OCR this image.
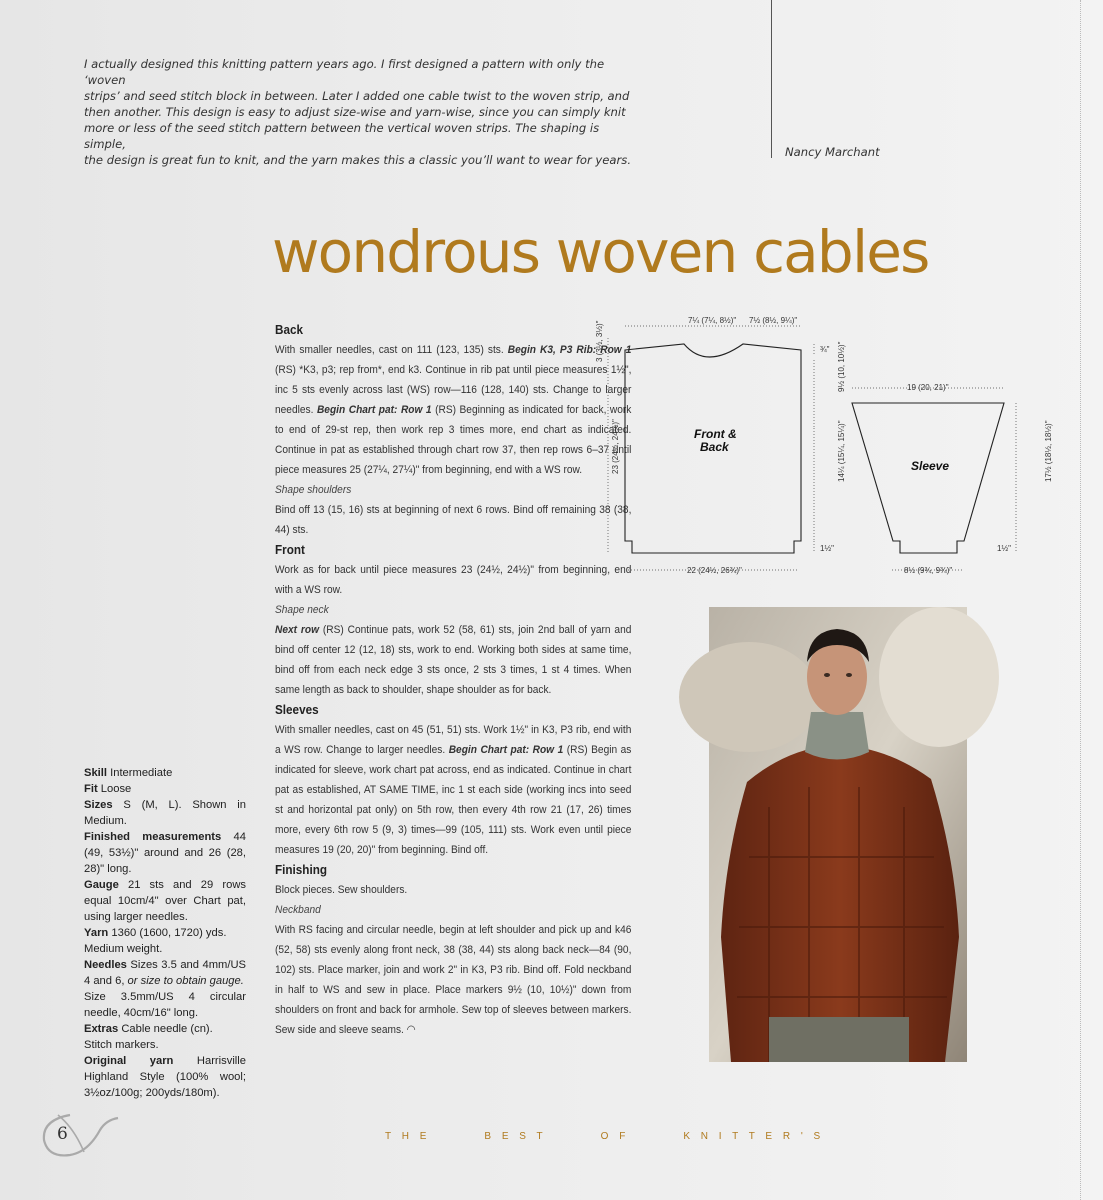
I actually designed this knitting pattern years ago. I first designed a pattern with only the ‘woven
strips’ and seed stitch block in between. Later I added one cable twist to the woven strip, and
then another. This design is easy to adjust size-wise and yarn-wise, since you can simply knit
more or less of the seed stitch pattern between the vertical woven strips. The shaping is simple,
the design is great fun to knit, and the yarn makes this a classic you’ll want to wear for years.
Nancy Marchant
wondrous woven cables
Back

With smaller needles, cast on 111 (123, 135) sts. Begin K3, P3 Rib: Row 1 (RS) *K3, p3; rep from*, end k3. Continue in rib pat until piece measures 1½", inc 5 sts evenly across last (WS) row—116 (128, 140) sts. Change to larger needles. Begin Chart pat: Row 1 (RS) Beginning as indicated for back, work to end of 29-st rep, then work rep 3 times more, end chart as indicated. Continue in pat as established through chart row 37, then rep rows 6–37 until piece measures 25 (27¼, 27¼)" from beginning, end with a WS row.

Shape shoulders

Bind off 13 (15, 16) sts at beginning of next 6 rows. Bind off remaining 38 (38, 44) sts.

Front

Work as for back until piece measures 23 (24½, 24½)" from beginning, end with a WS row.

Shape neck

Next row (RS) Continue pats, work 52 (58, 61) sts, join 2nd ball of yarn and bind off center 12 (12, 18) sts, work to end. Working both sides at same time, bind off from each neck edge 3 sts once, 2 sts 3 times, 1 st 4 times. When same length as back to shoulder, shape shoulder as for back.

Sleeves

With smaller needles, cast on 45 (51, 51) sts. Work 1½" in K3, P3 rib, end with a WS row. Change to larger needles. Begin Chart pat: Row 1 (RS) Begin as indicated for sleeve, work chart pat across, end as indicated. Continue in chart pat as established, AT SAME TIME, inc 1 st each side (working incs into seed st and horizontal pat only) on 5th row, then every 4th row 21 (17, 26) times more, every 6th row 5 (9, 3) times—99 (105, 111) sts. Work even until piece measures 19 (20, 20)" from beginning. Bind off.

Finishing

Block pieces. Sew shoulders.

Neckband

With RS facing and circular needle, begin at left shoulder and pick up and k46 (52, 58) sts evenly along front neck, 38 (38, 44) sts along back neck—84 (90, 102) sts. Place marker, join and work 2" in K3, P3 rib. Bind off. Fold neckband in half to WS and sew in place. Place markers 9½ (10, 10½)" down from shoulders on front and back for armhole. Sew top of sleeves between markers. Sew side and sleeve seams. ◠

Skill Intermediate

Fit Loose

Sizes S (M, L). Shown in Medium.

Finished measurements 44 (49, 53½)" around and 26 (28, 28)" long.

Gauge 21 sts and 29 rows equal 10cm/4" over Chart pat, using larger needles.

Yarn 1360 (1600, 1720) yds.

Medium weight.

Needles Sizes 3.5 and 4mm/US 4 and 6, or size to obtain gauge.

Size 3.5mm/US 4 circular needle, 40cm/16" long.

Extras Cable needle (cn).

Stitch markers.

Original yarn Harrisville Highland Style (100% wool; 3½oz/100g; 200yds/180m).

7¼ (7¼, 8½)" 7½ (8½, 9¼)"
¾" 9½ (10, 10½)"
14¼ (15¼, 15¼)"
1½"
3 (3½, 3½)"
23 (24½, 24½)"
22 (24½, 26¾)"
19 (20, 21)"
17½ (18½, 18½)"
1½"
8½ (9¾, 9¾)"
Front &
Back
Sleeve
6	T H E	B E S T	O F	K N I T T E R ' S
